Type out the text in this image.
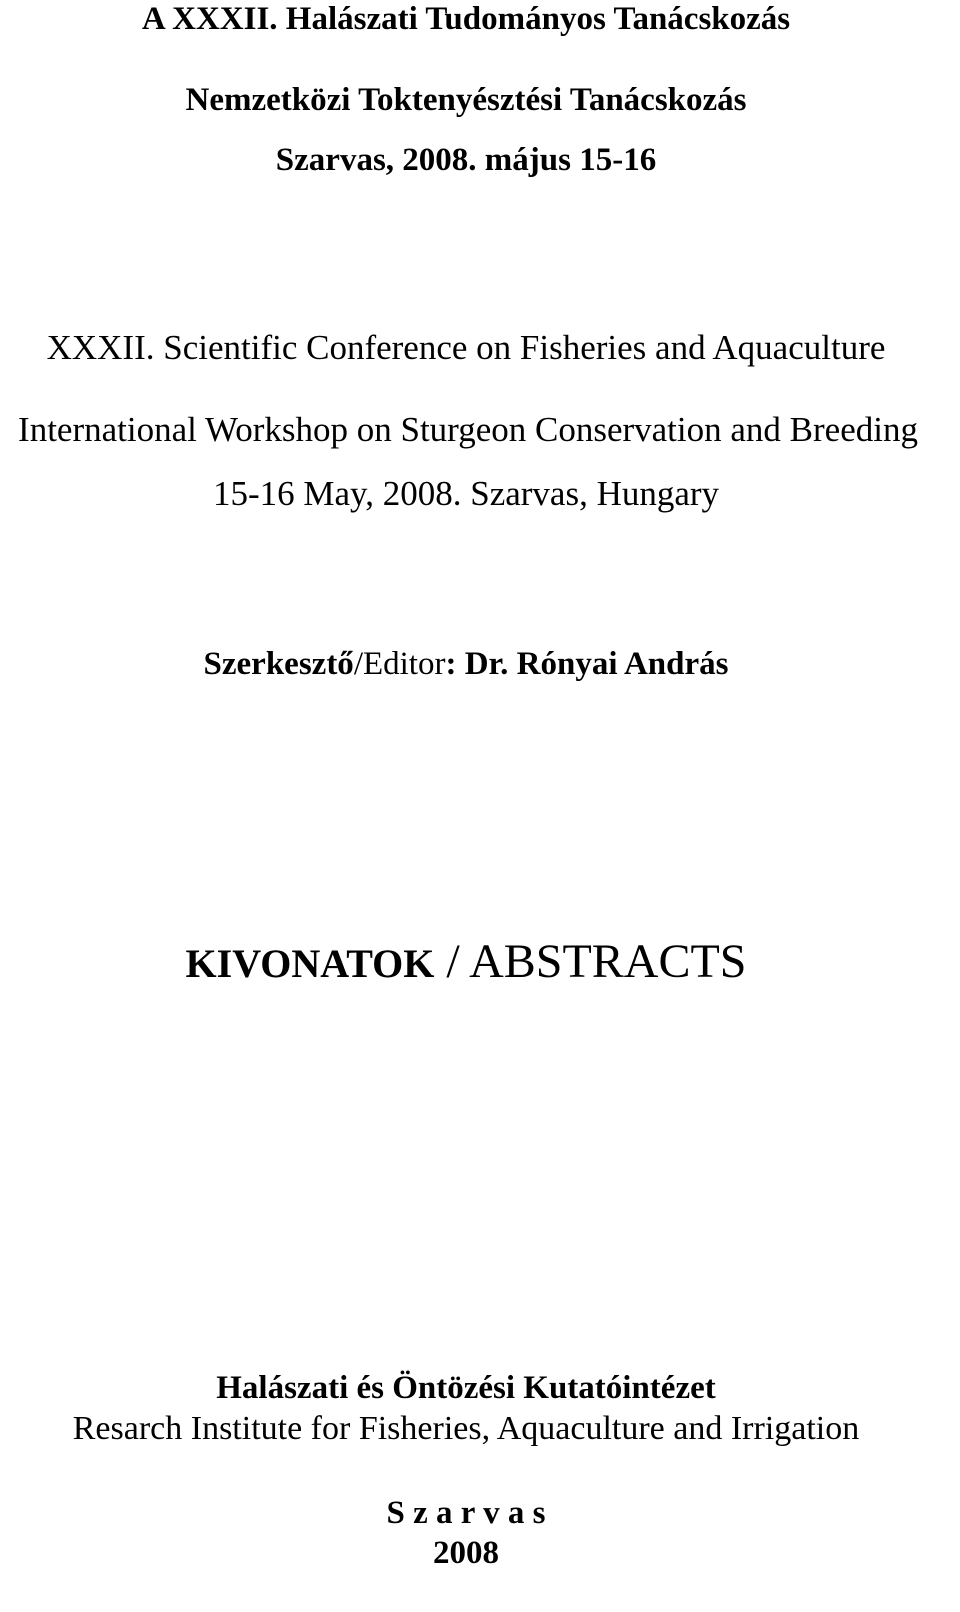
A XXXII. Halászati Tudományos Tanácskozás
Nemzetközi Toktenyésztési Tanácskozás
Szarvas, 2008. május 15-16
XXXII. Scientific Conference on Fisheries and Aquaculture
International Workshop on Sturgeon Conservation and Breeding
15-16 May, 2008. Szarvas, Hungary
Szerkesztő/Editor: Dr. Rónyai András
KIVONATOK / ABSTRACTS
Halászati és Öntözési Kutatóintézet
Resarch Institute for Fisheries, Aquaculture and Irrigation
S z a r v a s
2008
